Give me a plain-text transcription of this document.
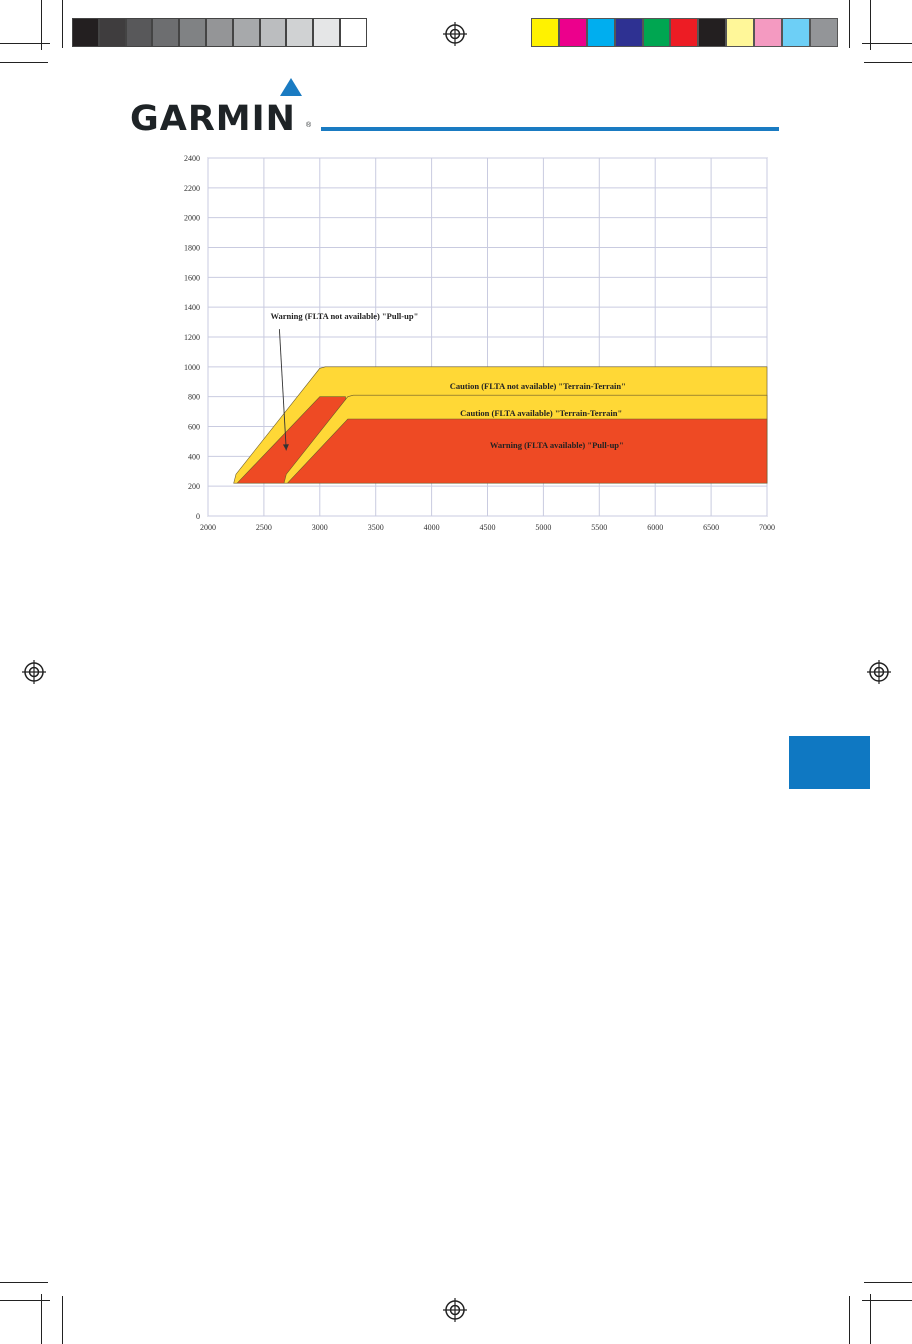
GARMIN ®
2000	2500	3000	3500	4000	4500	5000	5500	6000	6500	7000
0
200
400
600
800
1000
1200
1400
1600
1800
2000
2200
2400
Warning (FLTA not available) "Pull-up"
Caution (FLTA not available) "Terrain-Terrain"
Caution (FLTA available) "Terrain-Terrain"
Warning (FLTA available) "Pull-up"
